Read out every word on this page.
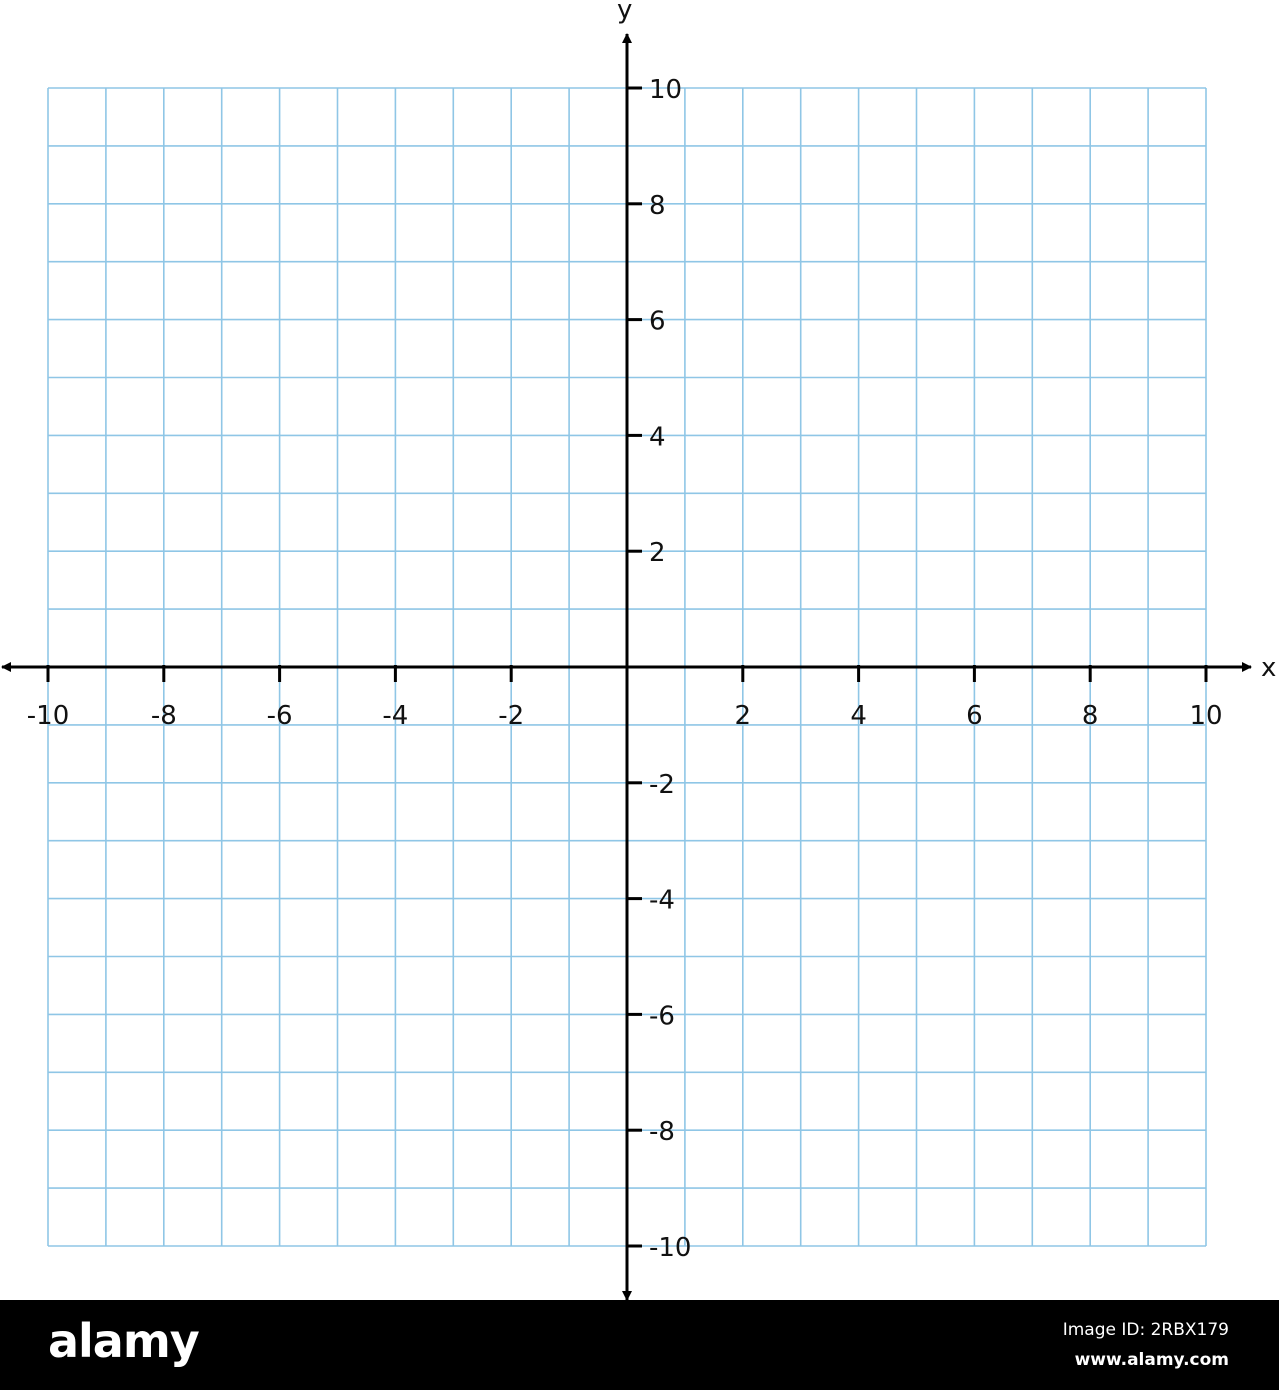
-10	-8	-6	-4	-2	2	4	6	8	10
10
8
6
4
2
-2
-4
-6
-8
-10
x
y
alamy	Image ID: 2RBX179
www.alamy.com
